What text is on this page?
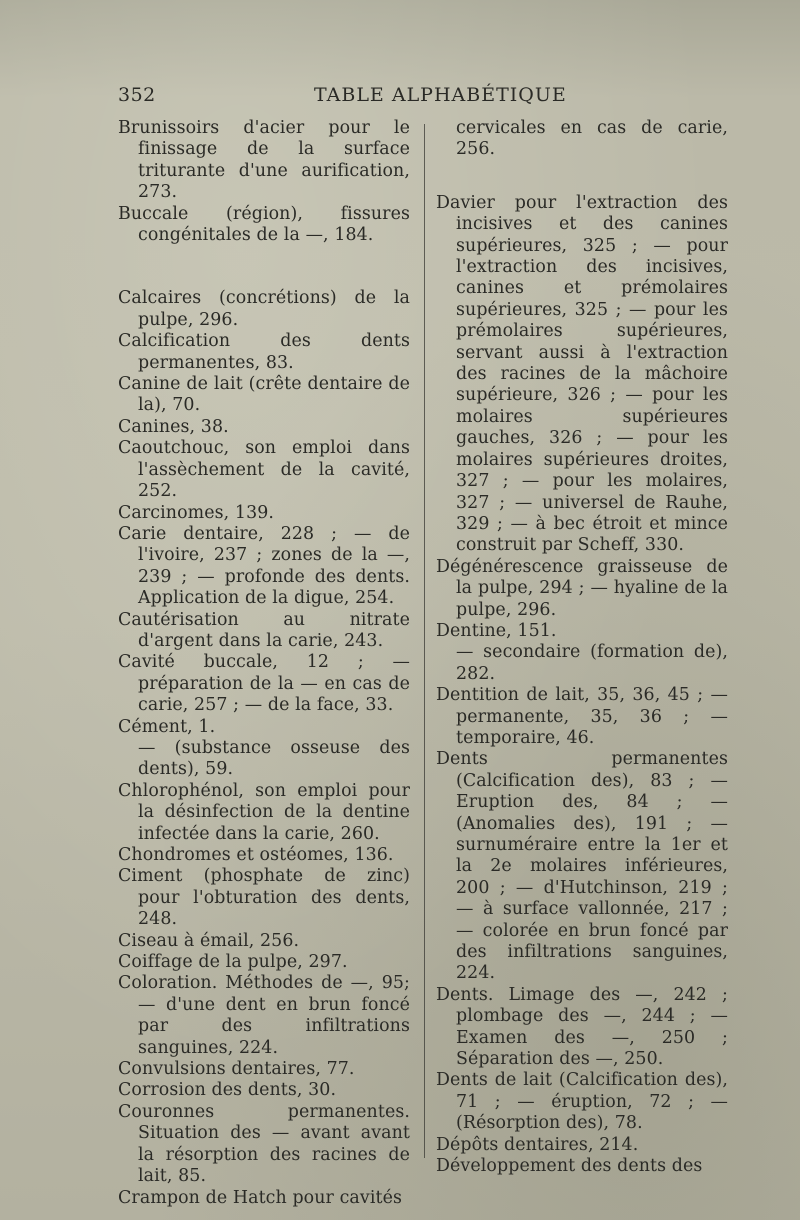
352	TABLE ALPHABÉTIQUE
Brunissoirs d'acier pour le finissage de la surface triturante d'une aurification, 273.
Buccale (région), fissures congénitales de la —, 184.
Calcaires (concrétions) de la pulpe, 296.
Calcification des dents permanentes, 83.
Canine de lait (crête dentaire de la), 70.
Canines, 38.
Caoutchouc, son emploi dans l'assèchement de la cavité, 252.
Carcinomes, 139.
Carie dentaire, 228 ; — de l'ivoire, 237 ; zones de la —, 239 ; — profonde des dents. Application de la digue, 254.
Cautérisation au nitrate d'argent dans la carie, 243.
Cavité buccale, 12 ; — préparation de la — en cas de carie, 257 ; — de la face, 33.
Cément, 1.
— (substance osseuse des dents), 59.
Chlorophénol, son emploi pour la désinfection de la dentine infectée dans la carie, 260.
Chondromes et ostéomes, 136.
Ciment (phosphate de zinc) pour l'obturation des dents, 248.
Ciseau à émail, 256.
Coiffage de la pulpe, 297.
Coloration. Méthodes de —, 95; — d'une dent en brun foncé par des infiltrations sanguines, 224.
Convulsions dentaires, 77.
Corrosion des dents, 30.
Couronnes permanentes. Situation des — avant avant la résorption des racines de lait, 85.
Crampon de Hatch pour cavités
cervicales en cas de carie, 256.
Davier pour l'extraction des incisives et des canines supérieures, 325 ; — pour l'extraction des incisives, canines et prémolaires supérieures, 325 ; — pour les prémolaires supérieures, servant aussi à l'extraction des racines de la mâchoire supérieure, 326 ; — pour les molaires supérieures gauches, 326 ; — pour les molaires supérieures droites, 327 ; — pour les molaires, 327 ; — universel de Rauhe, 329 ; — à bec étroit et mince construit par Scheff, 330.
Dégénérescence graisseuse de la pulpe, 294 ; — hyaline de la pulpe, 296.
Dentine, 151.
— secondaire (formation de), 282.
Dentition de lait, 35, 36, 45 ; — permanente, 35, 36 ; — temporaire, 46.
Dents permanentes (Calcification des), 83 ; — Eruption des, 84 ; — (Anomalies des), 191 ; — surnuméraire entre la 1er et la 2e molaires inférieures, 200 ; — d'Hutchinson, 219 ; — à surface vallonnée, 217 ; — colorée en brun foncé par des infiltrations sanguines, 224.
Dents. Limage des —, 242 ; plombage des —, 244 ; — Examen des —, 250 ; Séparation des —, 250.
Dents de lait (Calcification des), 71 ; — éruption, 72 ; — (Résorption des), 78.
Dépôts dentaires, 214.
Développement des dents des
